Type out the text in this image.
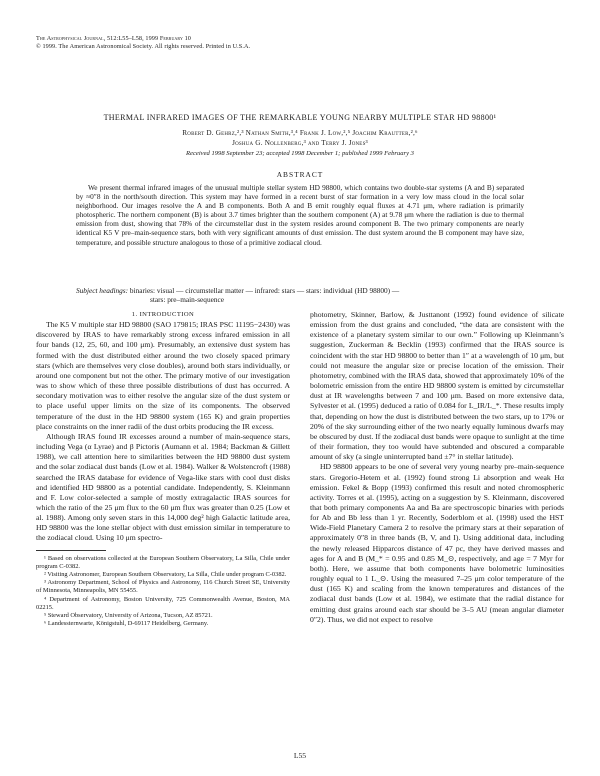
The Astrophysical Journal, 512:L55–L58, 1999 February 10
© 1999. The American Astronomical Society. All rights reserved. Printed in U.S.A.
THERMAL INFRARED IMAGES OF THE REMARKABLE YOUNG NEARBY MULTIPLE STAR HD 98800¹
Robert D. Gehrz,²,³ Nathan Smith,³,⁴ Frank J. Low,²,⁵ Joachim Krautter,²,⁶
Joshua G. Nollenberg,³ and Terry J. Jones³
Received 1998 September 23; accepted 1998 December 1; published 1999 February 3
ABSTRACT
We present thermal infrared images of the unusual multiple stellar system HD 98800, which contains two double-star systems (A and B) separated by ≈0″8 in the north/south direction. This system may have formed in a recent burst of star formation in a very low mass cloud in the local solar neighborhood. Our images resolve the A and B components. Both A and B emit roughly equal fluxes at 4.71 μm, where radiation is primarily photospheric. The northern component (B) is about 3.7 times brighter than the southern component (A) at 9.78 μm where the radiation is due to thermal emission from dust, showing that 78% of the circumstellar dust in the system resides around component B. The two primary components are nearly identical K5 V pre–main-sequence stars, both with very significant amounts of dust emission. The dust system around the B component may have size, temperature, and possible structure analogous to those of a primitive zodiacal cloud.
Subject headings: binaries: visual — circumstellar matter — infrared: stars — stars: individual (HD 98800) —
stars: pre–main-sequence

1. INTRODUCTION

The K5 V multiple star HD 98800 (SAO 179815; IRAS PSC 11195−2430) was discovered by IRAS to have remarkably strong excess infrared emission in all four bands (12, 25, 60, and 100 μm). Presumably, an extensive dust system has formed with the dust distributed either around the two closely spaced primary stars (which are themselves very close doubles), around both stars individually, or around one component but not the other. The primary motive of our investigation was to show which of these three possible distributions of dust has occurred. A secondary motivation was to either resolve the angular size of the dust system or to place useful upper limits on the size of its components. The observed temperature of the dust in the HD 98800 system (165 K) and grain properties place constraints on the inner radii of the dust orbits producing the IR excess.

Although IRAS found IR excesses around a number of main-sequence stars, including Vega (α Lyrae) and β Pictoris (Aumann et al. 1984; Backman & Gillett 1988), we call attention here to similarities between the HD 98800 dust system and the solar zodiacal dust bands (Low et al. 1984). Walker & Wolstencroft (1988) searched the IRAS database for evidence of Vega-like stars with cool dust disks and identified HD 98800 as a potential candidate. Independently, S. Kleinmann and F. Low color-selected a sample of mostly extragalactic IRAS sources for which the ratio of the 25 μm flux to the 60 μm flux was greater than 0.25 (Low et al. 1988). Among only seven stars in this 14,000 deg² high Galactic latitude area, HD 98800 was the lone stellar object with dust emission similar in temperature to the zodiacal cloud. Using 10 μm spectro-

¹ Based on observations collected at the European Southern Observatory, La Silla, Chile under program C-0382.

² Visiting Astronomer, European Southern Observatory, La Silla, Chile under program C-0382.

³ Astronomy Department, School of Physics and Astronomy, 116 Church Street SE, University of Minnesota, Minneapolis, MN 55455.

⁴ Department of Astronomy, Boston University, 725 Commonwealth Avenue, Boston, MA 02215.

⁵ Steward Observatory, University of Arizona, Tucson, AZ 85721.

⁶ Landessternwarte, Königstuhl, D-69117 Heidelberg, Germany.

photometry, Skinner, Barlow, & Justtanont (1992) found evidence of silicate emission from the dust grains and concluded, “the data are consistent with the existence of a planetary system similar to our own.” Following up Kleinmann’s suggestion, Zuckerman & Becklin (1993) confirmed that the IRAS source is coincident with the star HD 98800 to better than 1″ at a wavelength of 10 μm, but could not measure the angular size or precise location of the emission. Their photometry, combined with the IRAS data, showed that approximately 10% of the bolometric emission from the entire HD 98800 system is emitted by circumstellar dust at IR wavelengths between 7 and 100 μm. Based on more extensive data, Sylvester et al. (1995) deduced a ratio of 0.084 for L_IR/L_*. These results imply that, depending on how the dust is distributed between the two stars, up to 17% or 20% of the sky surrounding either of the two nearly equally luminous dwarfs may be obscured by dust. If the zodiacal dust bands were opaque to sunlight at the time of their formation, they too would have subtended and obscured a comparable amount of sky (a single uninterrupted band ±7° in stellar latitude).

HD 98800 appears to be one of several very young nearby pre–main-sequence stars. Gregorio-Hetem et al. (1992) found strong Li absorption and weak Hα emission. Fekel & Bopp (1993) confirmed this result and noted chromospheric activity. Torres et al. (1995), acting on a suggestion by S. Kleinmann, discovered that both primary components Aa and Ba are spectroscopic binaries with periods for Ab and Bb less than 1 yr. Recently, Soderblom et al. (1998) used the HST Wide-Field Planetary Camera 2 to resolve the primary stars at their separation of approximately 0″8 in three bands (B, V, and I). Using additional data, including the newly released Hipparcos distance of 47 pc, they have derived masses and ages for A and B (M_* = 0.95 and 0.85 M_⊙, respectively, and age = 7 Myr for both). Here, we assume that both components have bolometric luminosities roughly equal to 1 L_⊙. Using the measured 7–25 μm color temperature of the dust (165 K) and scaling from the known temperatures and distances of the zodiacal dust bands (Low et al. 1984), we estimate that the radial distance for emitting dust grains around each star should be 3–5 AU (mean angular diameter 0″2). Thus, we did not expect to resolve

L55
